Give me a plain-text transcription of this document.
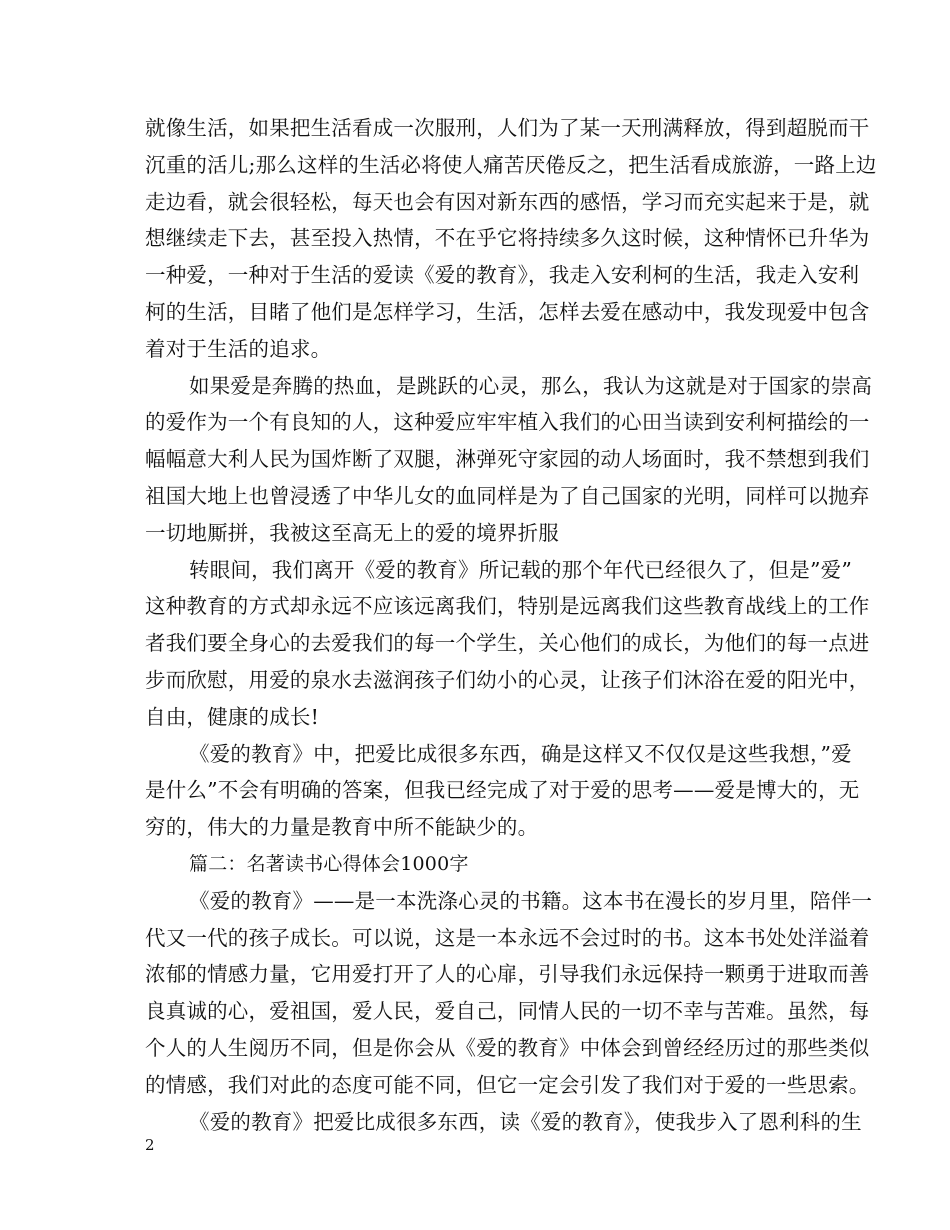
就像生活，如果把生活看成一次服刑，人们为了某一天刑满释放，得到超脱而干
沉重的活儿;那么这样的生活必将使人痛苦厌倦反之，把生活看成旅游，一路上边
走边看，就会很轻松，每天也会有因对新东西的感悟，学习而充实起来于是，就
想继续走下去，甚至投入热情，不在乎它将持续多久这时候，这种情怀已升华为
一种爱，一种对于生活的爱读《爱的教育》，我走入安利柯的生活，我走入安利
柯的生活，目睹了他们是怎样学习，生活，怎样去爱在感动中，我发现爱中包含
着对于生活的追求。
如果爱是奔腾的热血，是跳跃的心灵，那么，我认为这就是对于国家的崇高
的爱作为一个有良知的人，这种爱应牢牢植入我们的心田当读到安利柯描绘的一
幅幅意大利人民为国炸断了双腿，淋弹死守家园的动人场面时，我不禁想到我们
祖国大地上也曾浸透了中华儿女的血同样是为了自己国家的光明，同样可以抛弃
一切地厮拼，我被这至高无上的爱的境界折服
转眼间，我们离开《爱的教育》所记载的那个年代已经很久了，但是”爱”
这种教育的方式却永远不应该远离我们，特别是远离我们这些教育战线上的工作
者我们要全身心的去爱我们的每一个学生，关心他们的成长，为他们的每一点进
步而欣慰，用爱的泉水去滋润孩子们幼小的心灵，让孩子们沐浴在爱的阳光中，
自由，健康的成长!
《爱的教育》中，把爱比成很多东西，确是这样又不仅仅是这些我想，”爱
是什么”不会有明确的答案，但我已经完成了对于爱的思考——爱是博大的，无
穷的，伟大的力量是教育中所不能缺少的。
篇二：名著读书心得体会1000字
《爱的教育》——是一本洗涤心灵的书籍。这本书在漫长的岁月里，陪伴一
代又一代的孩子成长。可以说，这是一本永远不会过时的书。这本书处处洋溢着
浓郁的情感力量，它用爱打开了人的心扉，引导我们永远保持一颗勇于进取而善
良真诚的心，爱祖国，爱人民，爱自己，同情人民的一切不幸与苦难。虽然，每
个人的人生阅历不同，但是你会从《爱的教育》中体会到曾经经历过的那些类似
的情感，我们对此的态度可能不同，但它一定会引发了我们对于爱的一些思索。
《爱的教育》把爱比成很多东西，读《爱的教育》，使我步入了恩利科的生
2
